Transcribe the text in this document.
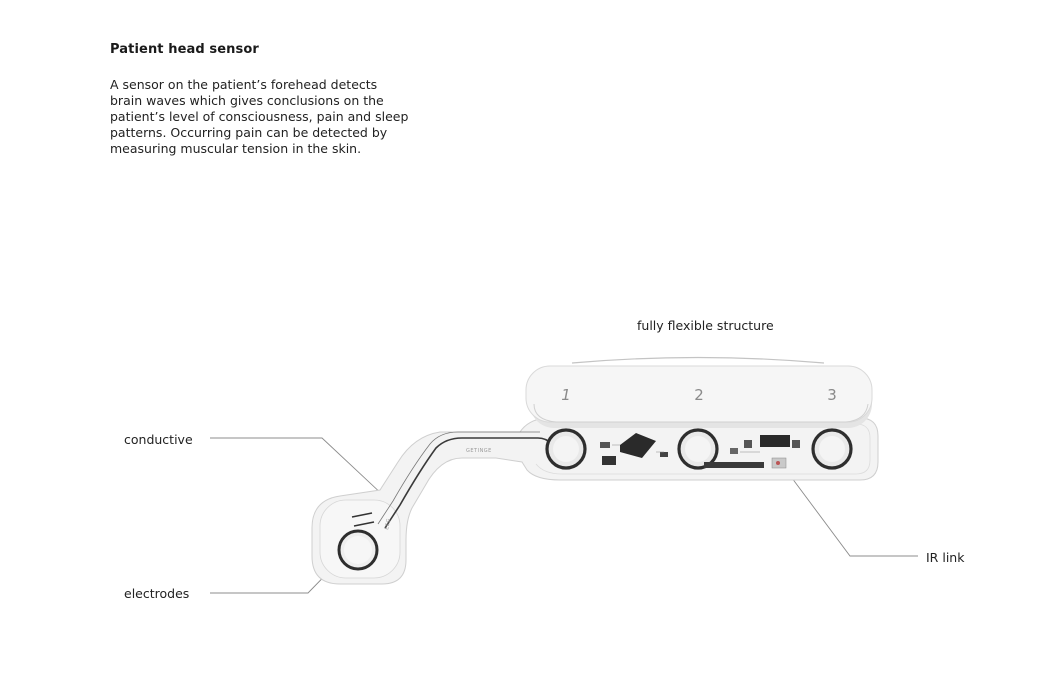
Patient head sensor
A sensor on the patient’s forehead detects brain waves which gives conclusions on the patient’s level of consciousness, pain and sleep patterns. Occurring pain can be detected by measuring muscular tension in the skin.
EEG
GETINGE
1	2	3
fully flexible structure
conductive
electrodes
IR link
